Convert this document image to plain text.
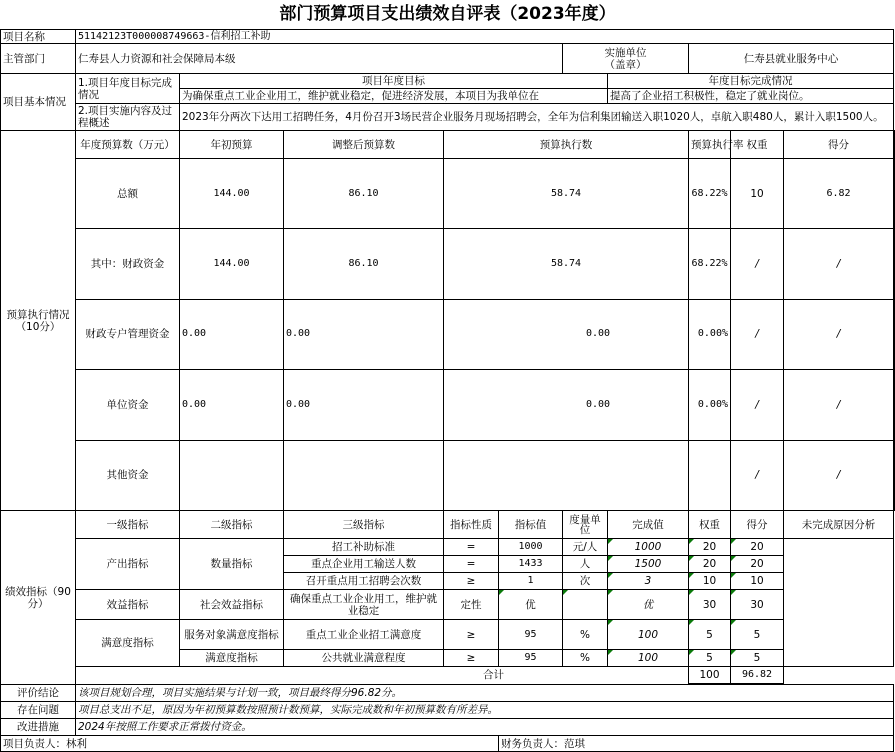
部门预算项目支出绩效自评表（2023年度）
项目名称	51142123T000008749663-信利招工补助										
主管部门	仁寿县人力资源和社会保障局本级					实施单位
（盖章）		仁寿县就业服务中心			
项目基本情况	1.项目年度目标完成情况	项目年度目标					年度目标完成情况				
		为确保重点工业企业用工，维护就业稳定，促进经济发展，本项目为我单位在					提高了企业招工积极性，稳定了就业岗位。				
	2.项目实施内容及过程概述	2023年分两次下达用工招聘任务，4月份召开3场民营企业服务月现场招聘会，全年为信利集团输送入职1020人，卓航入职480人，累计入职1500人。									
预算执行情况（10分）	年度预算数（万元）	年初预算	调整后预算数	预算执行数				预算执行率	权重	得分	
	总额	144.00	86.10	58.74				68.22%	10	6.82	
	其中：财政资金	144.00	86.10	58.74				68.22%	/	/	
	财政专户管理资金	0.00	0.00	0.00				0.00%	/	/	
	单位资金	0.00	0.00	0.00				0.00%	/	/	
	其他资金								/	/	
绩效指标（90分）	一级指标	二级指标	三级指标	指标性质	指标值	度量单位	完成值	权重	得分	未完成原因分析	
	产出指标	数量指标	招工补助标准	=	1000	元/人	1000	20	20		
			重点企业用工输送人数	=	1433	人	1500	20	20		
			召开重点用工招聘会次数	≥	1	次	3	10	10		
	效益指标	社会效益指标	确保重点工业企业用工，维护就业稳定	定性	优		优	30	30		
	满意度指标	服务对象满意度指标	重点工业企业招工满意度	≥	95	%	100	5	5		
		满意度指标	公共就业满意程度	≥	95	%	100	5	5		
	合计							100	96.82		

评价结论	该项目规划合理，项目实施结果与计划一致，项目最终得分96.82分。										
存在问题	项目总支出不足，原因为年初预算数按照预计数预算，实际完成数和年初预算数有所差异。										
改进措施	2024年按照工作要求正常拨付资金。										
项目负责人：林利					财务负责人：范琪						
